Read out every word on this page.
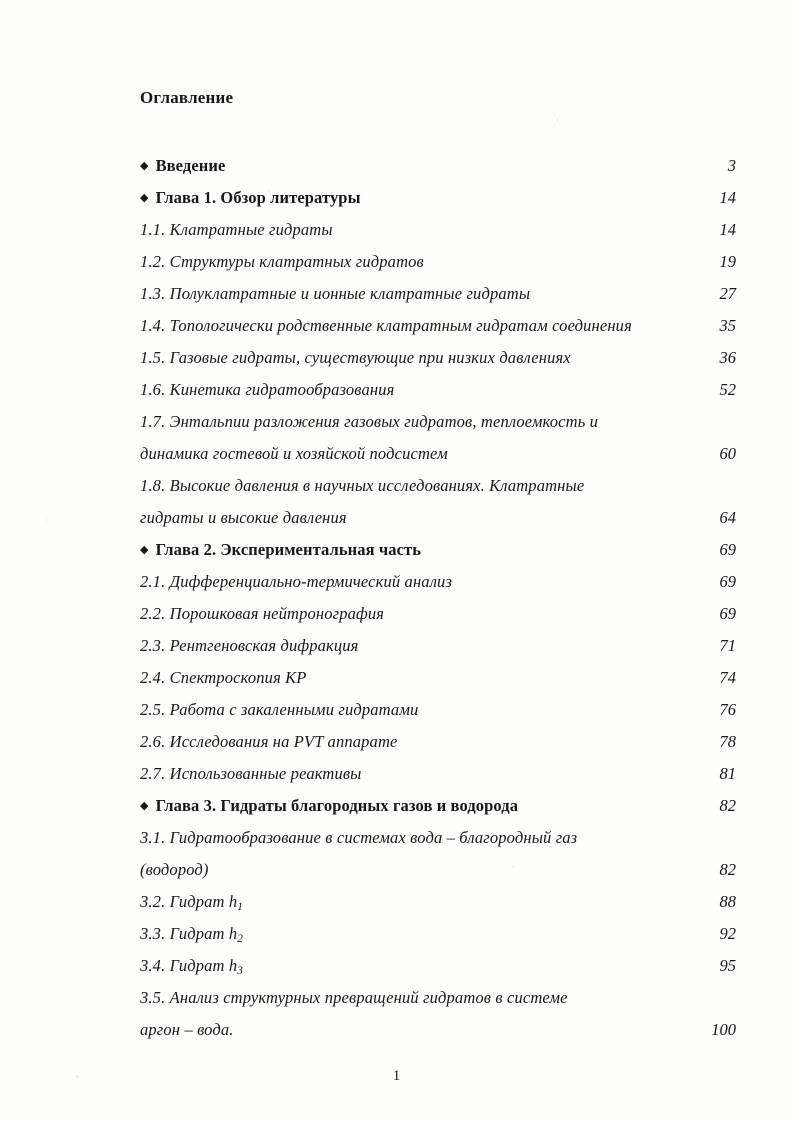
Оглавление
◆ Введение	3
◆ Глава 1. Обзор литературы	14
1.1. Клатратные гидраты	14
1.2. Структуры клатратных гидратов	19
1.3. Полуклатратные и ионные клатратные гидраты	27
1.4. Топологически родственные клатратным гидратам соединения	35
1.5. Газовые гидраты, существующие при низких давлениях	36
1.6. Кинетика гидратообразования	52
1.7. Энтальпии разложения газовых гидратов, теплоемкость и
динамика гостевой и хозяйской подсистем	60
1.8. Высокие давления в научных исследованиях. Клатратные
гидраты и высокие давления	64
◆ Глава 2. Экспериментальная часть	69
2.1. Дифференциально-термический анализ	69
2.2. Порошковая нейтронография	69
2.3. Рентгеновская дифракция	71
2.4. Спектроскопия КР	74
2.5. Работа с закаленными гидратами	76
2.6. Исследования на PVT аппарате	78
2.7. Использованные реактивы	81
◆ Глава 3. Гидраты благородных газов и водорода	82
3.1. Гидратообразование в системах вода – благородный газ
(водород)	82
3.2. Гидрат $h_1$	88
3.3. Гидрат $h_2$	92
3.4. Гидрат $h_3$	95
3.5. Анализ структурных превращений гидратов в системе
аргон – вода.	100
1
